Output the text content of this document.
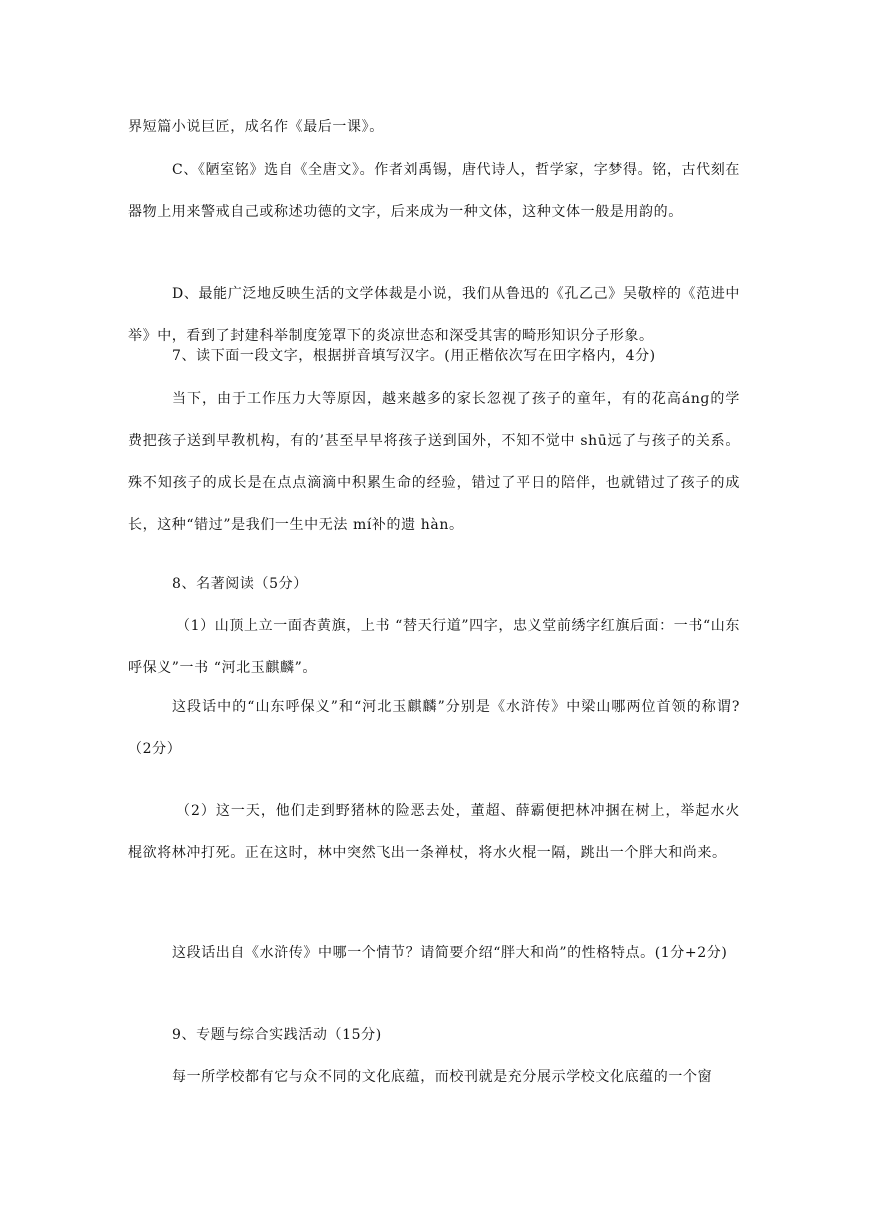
界短篇小说巨匠，成名作《最后一课》。

C、《陋室铭》选自《全唐文》。作者刘禹锡，唐代诗人，哲学家，字梦得。铭，古代刻在器物上用来警戒自己或称述功德的文字，后来成为一种文体，这种文体一般是用韵的。

D、最能广泛地反映生活的文学体裁是小说，我们从鲁迅的《孔乙己》吴敬梓的《范进中举》中，看到了封建科举制度笼罩下的炎凉世态和深受其害的畸形知识分子形象。

7、读下面一段文字，根据拼音填写汉字。(用正楷依次写在田字格内，4分)

当下，由于工作压力大等原因，越来越多的家长忽视了孩子的童年，有的花高ánɡ的学费把孩子送到早教机构，有的’甚至早早将孩子送到国外，不知不觉中 shū远了与孩子的关系。殊不知孩子的成长是在点点滴滴中积累生命的经验，错过了平日的陪伴，也就错过了孩子的成长，这种“错过”是我们一生中无法 mí补的遗 hàn。

8、名著阅读（5分）

（1）山顶上立一面杏黄旗，上书 “替天行道”四字，忠义堂前绣字红旗后面：一书“山东呼保义”一书 “河北玉麒麟”。

这段话中的“山东呼保义”和“河北玉麒麟”分别是《水浒传》中梁山哪两位首领的称谓?（2分）

（2）这一天，他们走到野猪林的险恶去处，董超、薛霸便把林冲捆在树上，举起水火棍欲将林冲打死。正在这时，林中突然飞出一条禅杖，将水火棍一隔，跳出一个胖大和尚来。

这段话出自《水浒传》中哪一个情节？请简要介绍“胖大和尚”的性格特点。(1分+2分)

9、专题与综合实践活动（15分)

每一所学校都有它与众不同的文化底蕴，而校刊就是充分展示学校文化底蕴的一个窗
